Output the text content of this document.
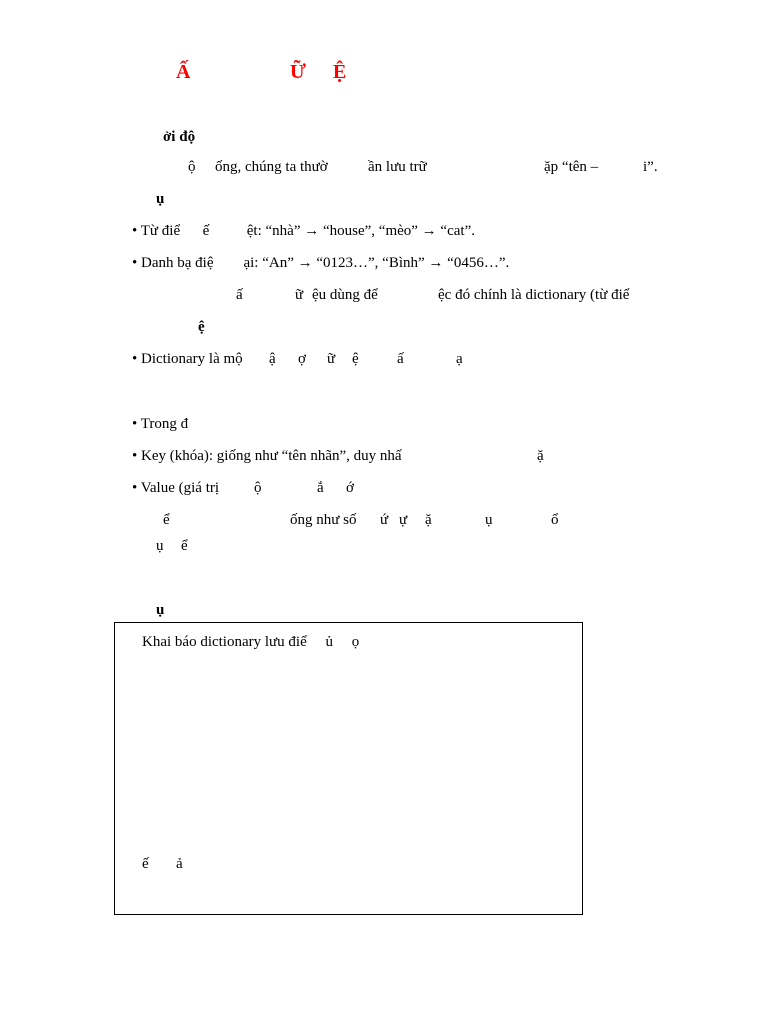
Ấ	Ữ Ệ
ởi độ
ộ ống, chúng ta thườ	ần lưu trữ	ặp “tên –	i”.
ụ
• Từ điể      ế          ệt: “nhà” → “house”, “mèo” → “cat”.
• Danh bạ điệ        ại: “An” → “0123…”, “Bình” → “0456…”.
ấ	ữ ệu dùng để	ệc đó chính là dictionary (từ điể
ệ
• Dictionary là mộ ậ ợ ữ ệ	ấ	ạ
• Trong đ
• Key (khóa): giống như “tên nhãn”, duy nhấ	ặ
• Value (giá trị ộ	ắ ớ
ể	ống như số ứ ự ặ	ụ	ổ
ụ ể
ụ
Khai báo dictionary lưu điể     ủ     ọ
ế ả
